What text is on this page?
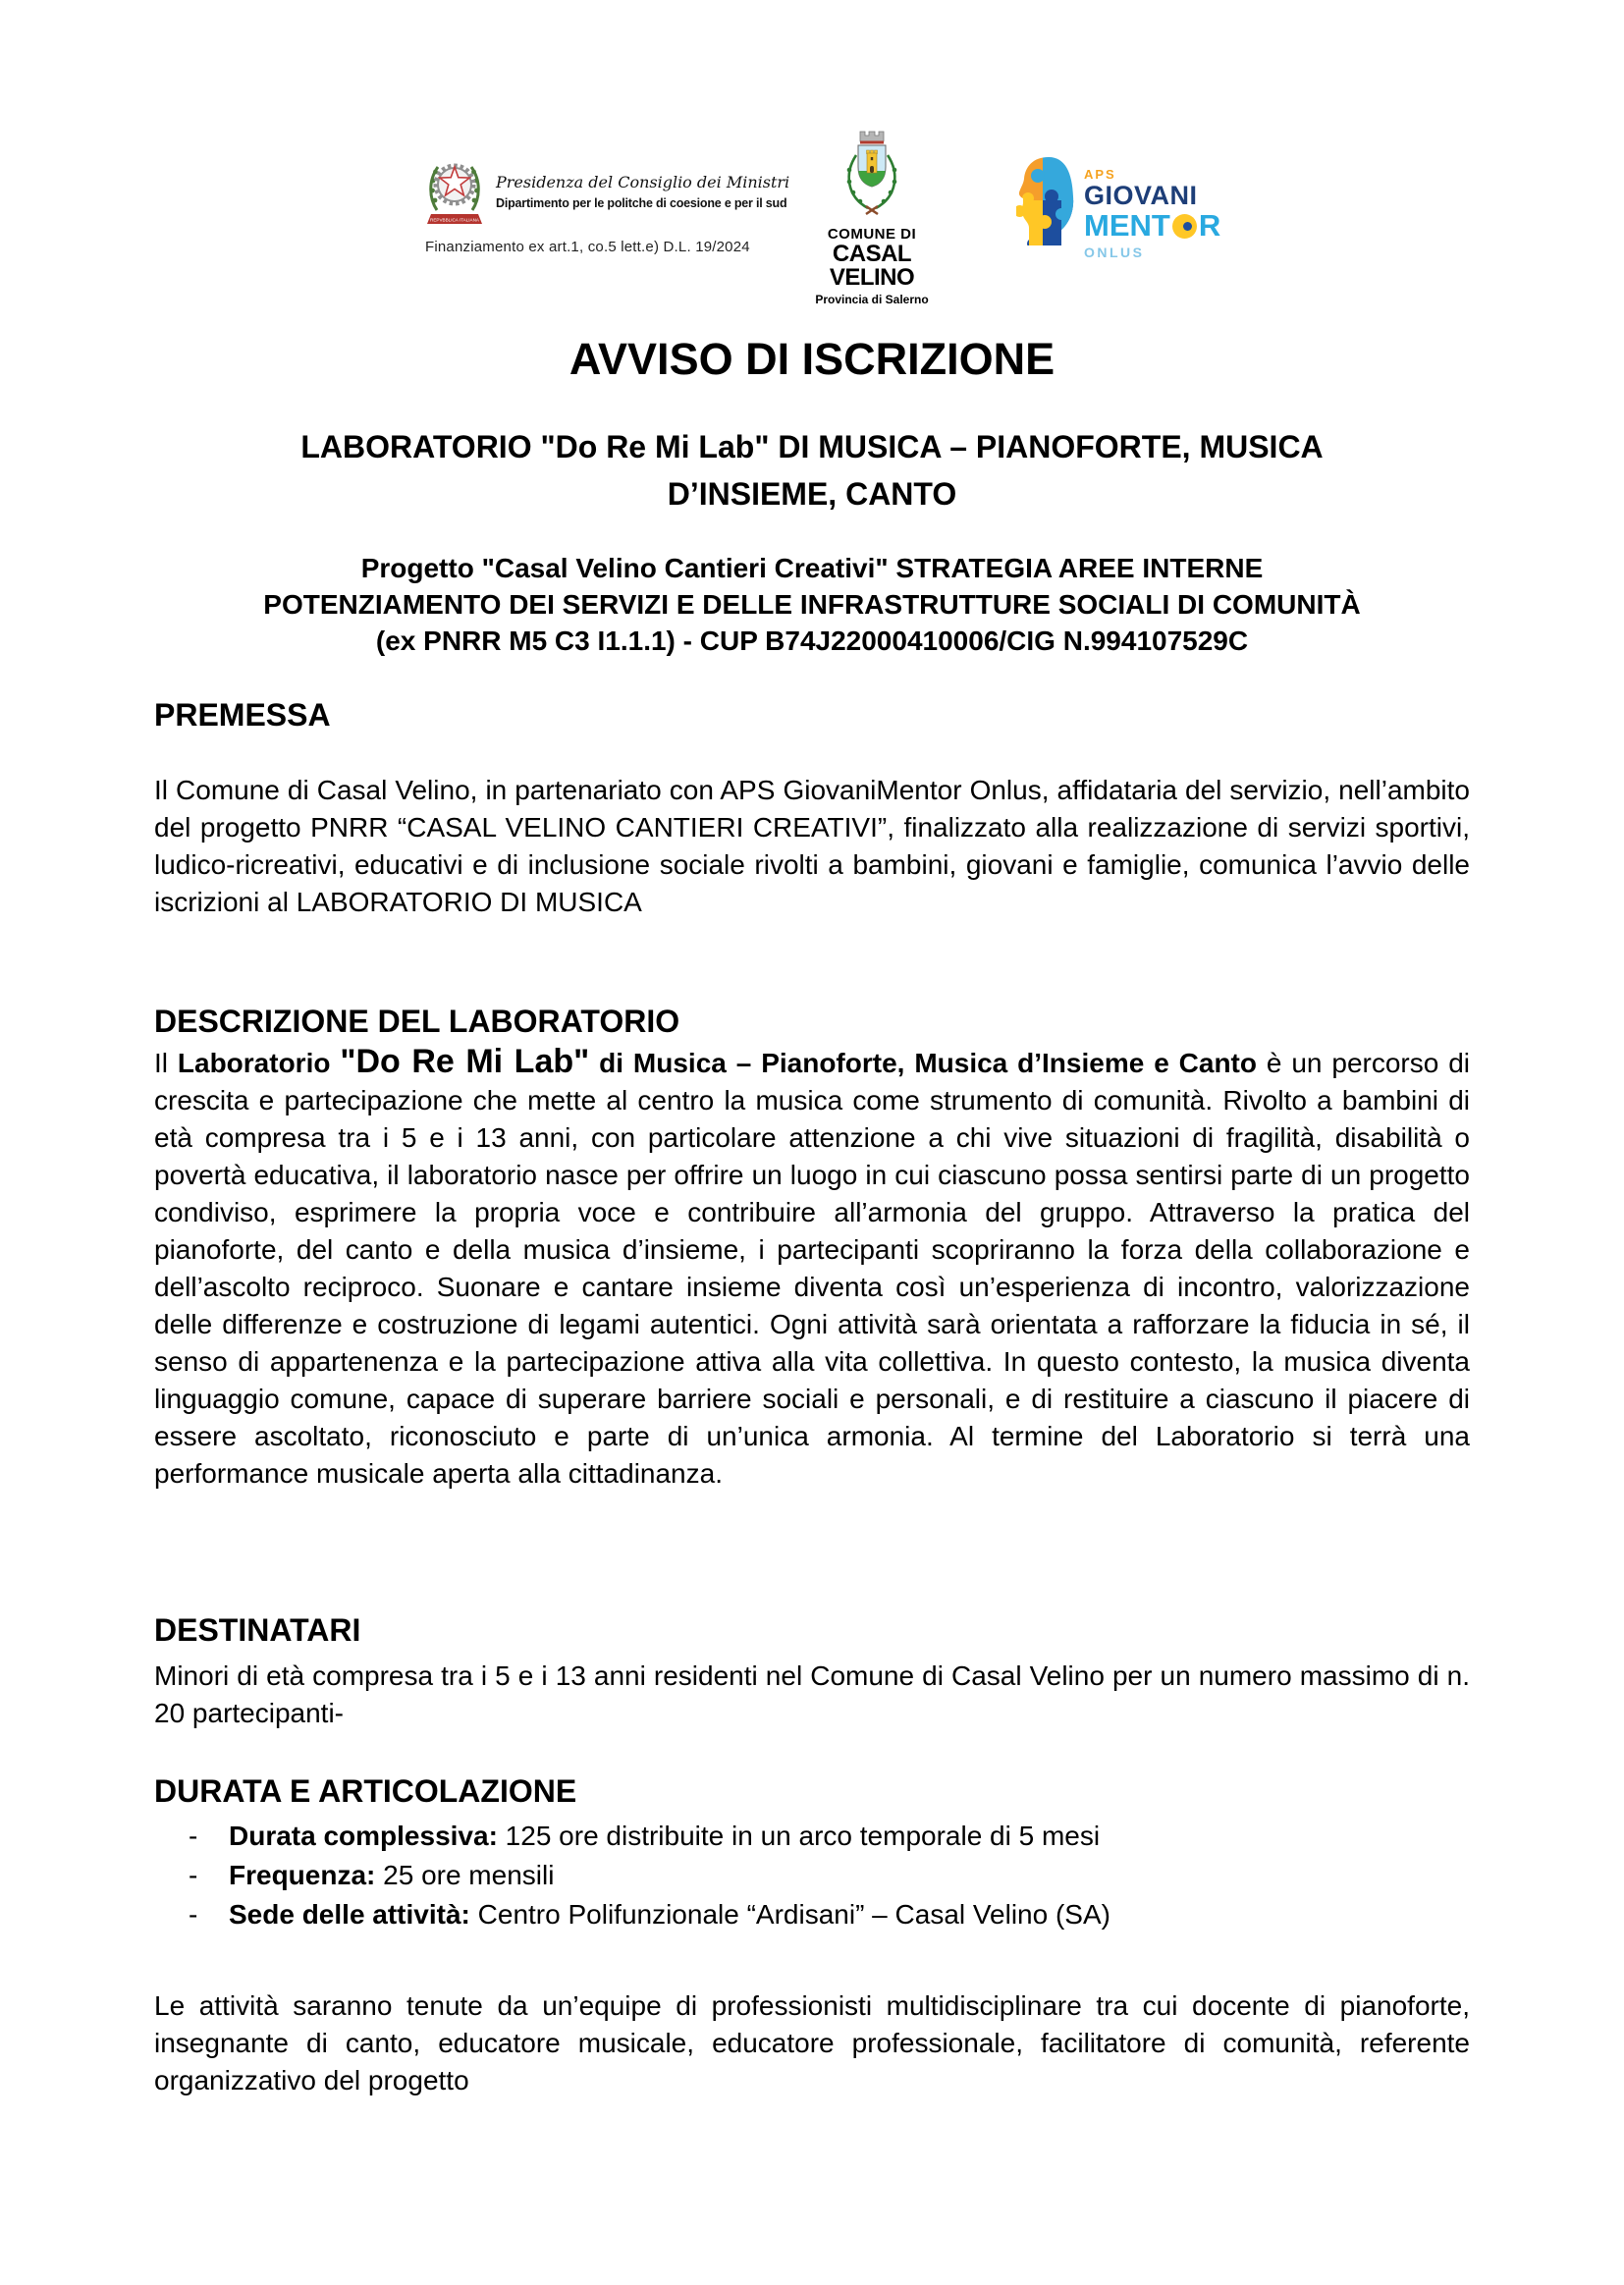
REPVBBLICA ITALIANA
Presidenza del Consiglio dei Ministri
Dipartimento per le politche di coesione e per il sud
Finanziamento ex art.1, co.5 lett.e) D.L. 19/2024
COMUNE DI
CASAL VELINO
Provincia di Salerno
APS
GIOVANI
MENT R
ONLUS
AVVISO DI ISCRIZIONE
LABORATORIO "Do Re Mi Lab" DI MUSICA – PIANOFORTE, MUSICA
D’INSIEME, CANTO
Progetto "Casal Velino Cantieri Creativi" STRATEGIA AREE INTERNE
POTENZIAMENTO DEI SERVIZI E DELLE INFRASTRUTTURE SOCIALI DI COMUNITÀ
(ex PNRR M5 C3 I1.1.1) - CUP B74J22000410006/CIG N.994107529C
PREMESSA
Il Comune di Casal Velino, in partenariato con APS GiovaniMentor Onlus, affidataria del servizio, nell’ambito del progetto PNRR “CASAL VELINO CANTIERI CREATIVI”, finalizzato alla realizzazione di servizi sportivi, ludico-ricreativi, educativi e di inclusione sociale rivolti a bambini, giovani e famiglie, comunica l’avvio delle iscrizioni al LABORATORIO DI MUSICA
DESCRIZIONE DEL LABORATORIO
Il Laboratorio "Do Re Mi Lab" di Musica – Pianoforte, Musica d’Insieme e Canto è un percorso di crescita e partecipazione che mette al centro la musica come strumento di comunità. Rivolto a bambini di età compresa tra i 5 e i 13 anni, con particolare attenzione a chi vive situazioni di fragilità, disabilità o povertà educativa, il laboratorio nasce per offrire un luogo in cui ciascuno possa sentirsi parte di un progetto condiviso, esprimere la propria voce e contribuire all’armonia del gruppo. Attraverso la pratica del pianoforte, del canto e della musica d’insieme, i partecipanti scopriranno la forza della collaborazione e dell’ascolto reciproco. Suonare e cantare insieme diventa così un’esperienza di incontro, valorizzazione delle differenze e costruzione di legami autentici. Ogni attività sarà orientata a rafforzare la fiducia in sé, il senso di appartenenza e la partecipazione attiva alla vita collettiva. In questo contesto, la musica diventa linguaggio comune, capace di superare barriere sociali e personali, e di restituire a ciascuno il piacere di essere ascoltato, riconosciuto e parte di un’unica armonia. Al termine del Laboratorio si terrà una performance musicale aperta alla cittadinanza.
DESTINATARI
Minori di età compresa tra i 5 e i 13 anni residenti nel Comune di Casal Velino per un numero massimo di n. 20 partecipanti-
DURATA E ARTICOLAZIONE
- Durata complessiva: 125 ore distribuite in un arco temporale di 5 mesi
- Frequenza: 25 ore mensili
- Sede delle attività: Centro Polifunzionale “Ardisani” – Casal Velino (SA)
Le attività saranno tenute da un’equipe di professionisti multidisciplinare tra cui docente di pianoforte, insegnante di canto, educatore musicale, educatore professionale, facilitatore di comunità, referente organizzativo del progetto
